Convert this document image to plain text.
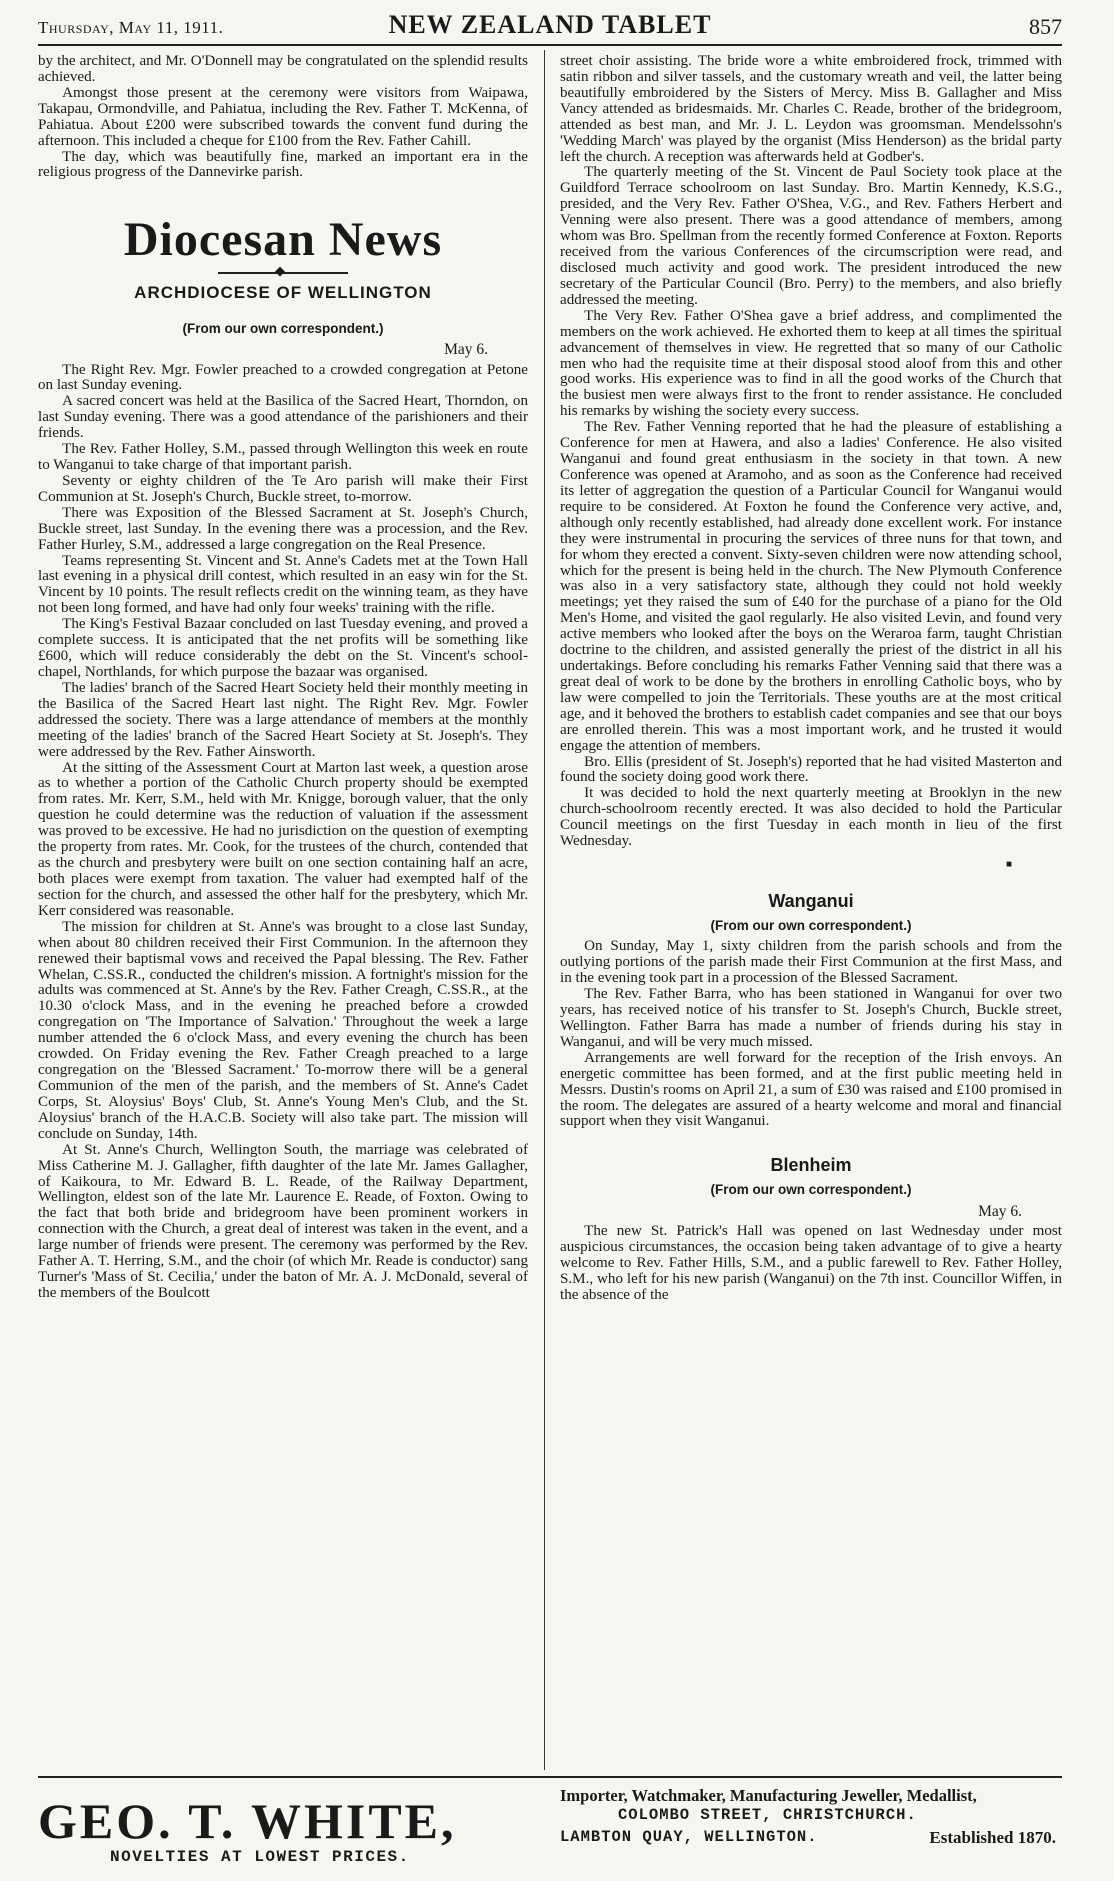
Thursday, May 11, 1911.	NEW ZEALAND TABLET	857

by the architect, and Mr. O'Donnell may be congratulated on the splendid results achieved.

Amongst those present at the ceremony were visitors from Waipawa, Takapau, Ormondville, and Pahiatua, including the Rev. Father T. McKenna, of Pahiatua. About £200 were subscribed towards the convent fund during the afternoon. This included a cheque for £100 from the Rev. Father Cahill.

The day, which was beautifully fine, marked an important era in the religious progress of the Dannevirke parish.

Diocesan News
◆
ARCHDIOCESE OF WELLINGTON
(From our own correspondent.)
May 6.

The Right Rev. Mgr. Fowler preached to a crowded congregation at Petone on last Sunday evening.

A sacred concert was held at the Basilica of the Sacred Heart, Thorndon, on last Sunday evening. There was a good attendance of the parishioners and their friends.

The Rev. Father Holley, S.M., passed through Wellington this week en route to Wanganui to take charge of that important parish.

Seventy or eighty children of the Te Aro parish will make their First Communion at St. Joseph's Church, Buckle street, to-morrow.

There was Exposition of the Blessed Sacrament at St. Joseph's Church, Buckle street, last Sunday. In the evening there was a procession, and the Rev. Father Hurley, S.M., addressed a large congregation on the Real Presence.

Teams representing St. Vincent and St. Anne's Cadets met at the Town Hall last evening in a physical drill contest, which resulted in an easy win for the St. Vincent by 10 points. The result reflects credit on the winning team, as they have not been long formed, and have had only four weeks' training with the rifle.

The King's Festival Bazaar concluded on last Tuesday evening, and proved a complete success. It is anticipated that the net profits will be something like £600, which will reduce considerably the debt on the St. Vincent's school-chapel, Northlands, for which purpose the bazaar was organised.

The ladies' branch of the Sacred Heart Society held their monthly meeting in the Basilica of the Sacred Heart last night. The Right Rev. Mgr. Fowler addressed the society. There was a large attendance of members at the monthly meeting of the ladies' branch of the Sacred Heart Society at St. Joseph's. They were addressed by the Rev. Father Ainsworth.

At the sitting of the Assessment Court at Marton last week, a question arose as to whether a portion of the Catholic Church property should be exempted from rates. Mr. Kerr, S.M., held with Mr. Knigge, borough valuer, that the only question he could determine was the reduction of valuation if the assessment was proved to be excessive. He had no jurisdiction on the question of exempting the property from rates. Mr. Cook, for the trustees of the church, contended that as the church and presbytery were built on one section containing half an acre, both places were exempt from taxation. The valuer had exempted half of the section for the church, and assessed the other half for the presbytery, which Mr. Kerr considered was reasonable.

The mission for children at St. Anne's was brought to a close last Sunday, when about 80 children received their First Communion. In the afternoon they renewed their baptismal vows and received the Papal blessing. The Rev. Father Whelan, C.SS.R., conducted the children's mission. A fortnight's mission for the adults was commenced at St. Anne's by the Rev. Father Creagh, C.SS.R., at the 10.30 o'clock Mass, and in the evening he preached before a crowded congregation on 'The Importance of Salvation.' Throughout the week a large number attended the 6 o'clock Mass, and every evening the church has been crowded. On Friday evening the Rev. Father Creagh preached to a large congregation on the 'Blessed Sacrament.' To-morrow there will be a general Communion of the men of the parish, and the members of St. Anne's Cadet Corps, St. Aloysius' Boys' Club, St. Anne's Young Men's Club, and the St. Aloysius' branch of the H.A.C.B. Society will also take part. The mission will conclude on Sunday, 14th.

At St. Anne's Church, Wellington South, the marriage was celebrated of Miss Catherine M. J. Gallagher, fifth daughter of the late Mr. James Gallagher, of Kaikoura, to Mr. Edward B. L. Reade, of the Railway Department, Wellington, eldest son of the late Mr. Laurence E. Reade, of Foxton. Owing to the fact that both bride and bridegroom have been prominent workers in connection with the Church, a great deal of interest was taken in the event, and a large number of friends were present. The ceremony was performed by the Rev. Father A. T. Herring, S.M., and the choir (of which Mr. Reade is conductor) sang Turner's 'Mass of St. Cecilia,' under the baton of Mr. A. J. McDonald, several of the members of the Boulcott

street choir assisting. The bride wore a white embroidered frock, trimmed with satin ribbon and silver tassels, and the customary wreath and veil, the latter being beautifully embroidered by the Sisters of Mercy. Miss B. Gallagher and Miss Vancy attended as bridesmaids. Mr. Charles C. Reade, brother of the bridegroom, attended as best man, and Mr. J. L. Leydon was groomsman. Mendelssohn's 'Wedding March' was played by the organist (Miss Henderson) as the bridal party left the church. A reception was afterwards held at Godber's.

The quarterly meeting of the St. Vincent de Paul Society took place at the Guildford Terrace schoolroom on last Sunday. Bro. Martin Kennedy, K.S.G., presided, and the Very Rev. Father O'Shea, V.G., and Rev. Fathers Herbert and Venning were also present. There was a good attendance of members, among whom was Bro. Spellman from the recently formed Conference at Foxton. Reports received from the various Conferences of the circumscription were read, and disclosed much activity and good work. The president introduced the new secretary of the Particular Council (Bro. Perry) to the members, and also briefly addressed the meeting.

The Very Rev. Father O'Shea gave a brief address, and complimented the members on the work achieved. He exhorted them to keep at all times the spiritual advancement of themselves in view. He regretted that so many of our Catholic men who had the requisite time at their disposal stood aloof from this and other good works. His experience was to find in all the good works of the Church that the busiest men were always first to the front to render assistance. He concluded his remarks by wishing the society every success.

The Rev. Father Venning reported that he had the pleasure of establishing a Conference for men at Hawera, and also a ladies' Conference. He also visited Wanganui and found great enthusiasm in the society in that town. A new Conference was opened at Aramoho, and as soon as the Conference had received its letter of aggregation the question of a Particular Council for Wanganui would require to be considered. At Foxton he found the Conference very active, and, although only recently established, had already done excellent work. For instance they were instrumental in procuring the services of three nuns for that town, and for whom they erected a convent. Sixty-seven children were now attending school, which for the present is being held in the church. The New Plymouth Conference was also in a very satisfactory state, although they could not hold weekly meetings; yet they raised the sum of £40 for the purchase of a piano for the Old Men's Home, and visited the gaol regularly. He also visited Levin, and found very active members who looked after the boys on the Weraroa farm, taught Christian doctrine to the children, and assisted generally the priest of the district in all his undertakings. Before concluding his remarks Father Venning said that there was a great deal of work to be done by the brothers in enrolling Catholic boys, who by law were compelled to join the Territorials. These youths are at the most critical age, and it behoved the brothers to establish cadet companies and see that our boys are enrolled therein. This was a most important work, and he trusted it would engage the attention of members.

Bro. Ellis (president of St. Joseph's) reported that he had visited Masterton and found the society doing good work there.

It was decided to hold the next quarterly meeting at Brooklyn in the new church-schoolroom recently erected. It was also decided to hold the Particular Council meetings on the first Tuesday in each month in lieu of the first Wednesday.

■
Wanganui
(From our own correspondent.)

On Sunday, May 1, sixty children from the parish schools and from the outlying portions of the parish made their First Communion at the first Mass, and in the evening took part in a procession of the Blessed Sacrament.

The Rev. Father Barra, who has been stationed in Wanganui for over two years, has received notice of his transfer to St. Joseph's Church, Buckle street, Wellington. Father Barra has made a number of friends during his stay in Wanganui, and will be very much missed.

Arrangements are well forward for the reception of the Irish envoys. An energetic committee has been formed, and at the first public meeting held in Messrs. Dustin's rooms on April 21, a sum of £30 was raised and £100 promised in the room. The delegates are assured of a hearty welcome and moral and financial support when they visit Wanganui.

Blenheim
(From our own correspondent.)
May 6.

The new St. Patrick's Hall was opened on last Wednesday under most auspicious circumstances, the occasion being taken advantage of to give a hearty welcome to Rev. Father Hills, S.M., and a public farewell to Rev. Father Holley, S.M., who left for his new parish (Wanganui) on the 7th inst. Councillor Wiffen, in the absence of the

GEO. T. WHITE,
NOVELTIES AT LOWEST PRICES.
Importer, Watchmaker, Manufacturing Jeweller, Medallist,
COLOMBO STREET, CHRISTCHURCH.
LAMBTON QUAY, WELLINGTON.	Established 1870.
